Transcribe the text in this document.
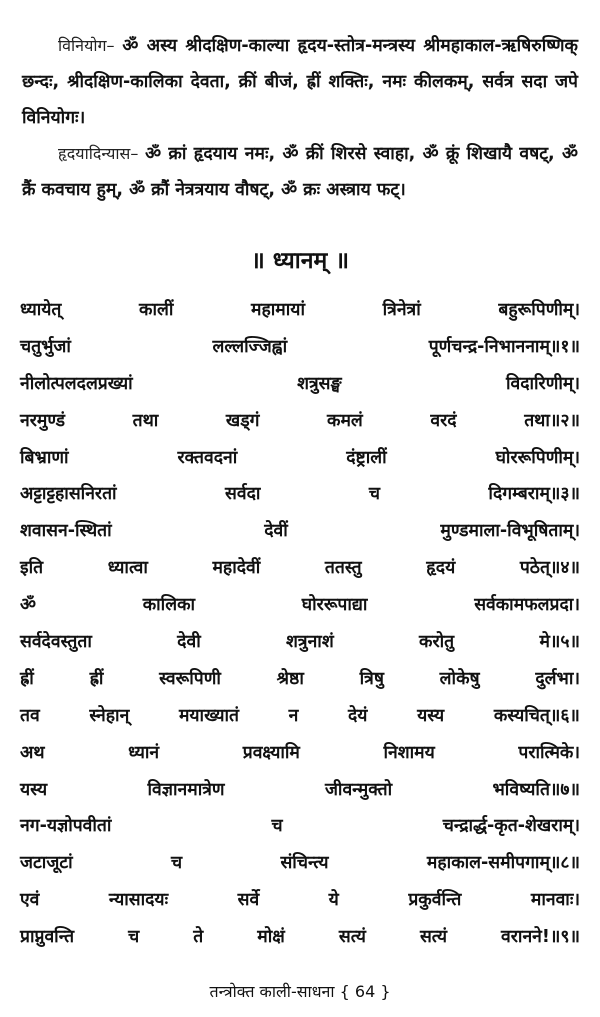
विनियोग– ॐ अस्य श्रीदक्षिण-काल्या हृदय-स्तोत्र-मन्त्रस्य श्रीमहाकाल-ऋषिरुष्णिक् छन्दः, श्रीदक्षिण-कालिका देवता, क्रीं बीजं, ह्रीं शक्तिः, नमः कीलकम्, सर्वत्र सदा जपे विनियोगः।

हृदयादिन्यास– ॐ क्रां हृदयाय नमः, ॐ क्रीं शिरसे स्वाहा, ॐ क्रूं शिखायै वषट्, ॐ क्रैं कवचाय हुम्, ॐ क्रौं नेत्रत्रयाय वौषट्, ॐ क्रः अस्त्राय फट्।

॥ ध्यानम् ॥
ध्यायेत्	कालीं	महामायां	त्रिनेत्रां	बहुरूपिणीम्।
चतुर्भुजां	लल्लज्जिह्वां	पूर्णचन्द्र-निभाननाम्॥१॥
नीलोत्पलदलप्रख्यां	शत्रुसङ्घ	विदारिणीम्।
नरमुण्डं	तथा	खड्गं	कमलं	वरदं	तथा॥२॥
बिभ्राणां	रक्तवदनां	दंष्ट्रालीं	घोररूपिणीम्।
अट्टाट्टहासनिरतां	सर्वदा	च	दिगम्बराम्॥३॥
शवासन-स्थितां	देवीं	मुण्डमाला-विभूषिताम्।
इति	ध्यात्वा	महादेवीं	ततस्तु	हृदयं	पठेत्॥४॥
ॐ	कालिका	घोररूपाद्या	सर्वकामफलप्रदा।
सर्वदेवस्तुता	देवी	शत्रुनाशं	करोतु	मे॥५॥
ह्रीं	ह्रीं	स्वरूपिणी	श्रेष्ठा	त्रिषु	लोकेषु	दुर्लभा।
तव	स्नेहान्	मयाख्यातं	न	देयं	यस्य	कस्यचित्॥६॥
अथ	ध्यानं	प्रवक्ष्यामि	निशामय	परात्मिके।
यस्य	विज्ञानमात्रेण	जीवन्मुक्तो	भविष्यति॥७॥
नग-यज्ञोपवीतां	च	चन्द्रार्द्ध-कृत-शेखराम्।
जटाजूटां	च	संचिन्त्य	महाकाल-समीपगाम्॥८॥
एवं	न्यासादयः	सर्वे	ये	प्रकुर्वन्ति	मानवाः।
प्राप्नुवन्ति	च	ते	मोक्षं	सत्यं	सत्यं	वरानने!॥९॥
तन्त्रोक्त काली-साधना { 64 }
